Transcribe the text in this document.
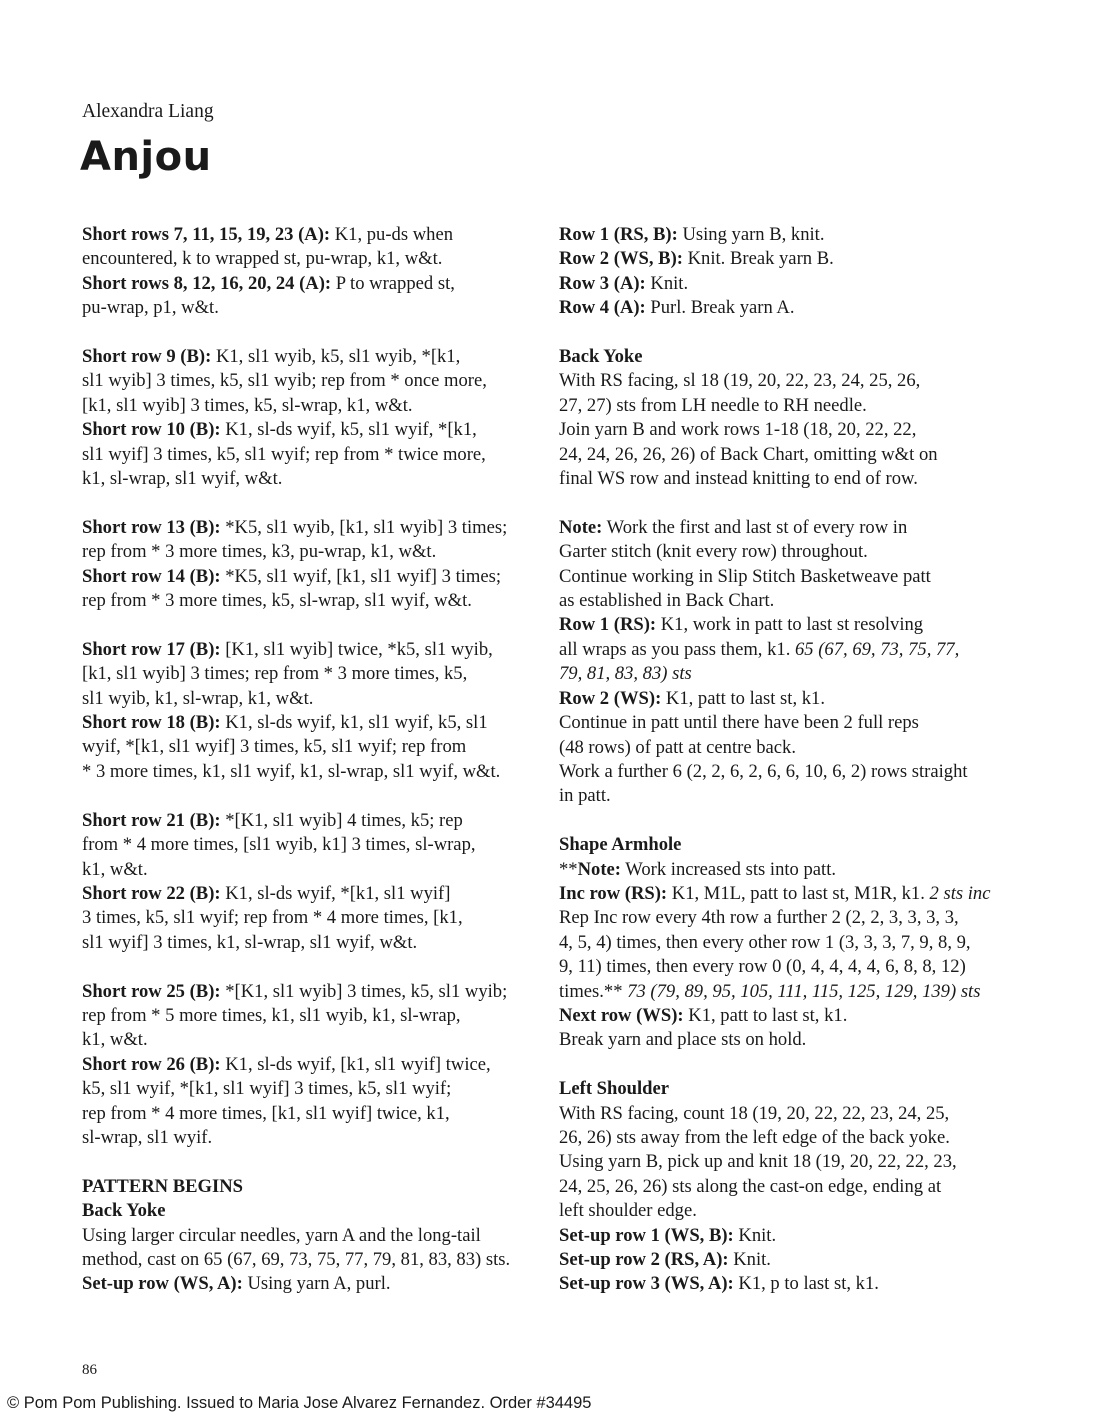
Alexandra Liang
Anjou
Short rows 7, 11, 15, 19, 23 (A): K1, pu-ds when
encountered, k to wrapped st, pu-wrap, k1, w&t.
Short rows 8, 12, 16, 20, 24 (A): P to wrapped st,
pu-wrap, p1, w&t.
Short row 9 (B): K1, sl1 wyib, k5, sl1 wyib, *[k1,
sl1 wyib] 3 times, k5, sl1 wyib; rep from * once more,
[k1, sl1 wyib] 3 times, k5, sl-wrap, k1, w&t.
Short row 10 (B): K1, sl-ds wyif, k5, sl1 wyif, *[k1,
sl1 wyif] 3 times, k5, sl1 wyif; rep from * twice more,
k1, sl-wrap, sl1 wyif, w&t.
Short row 13 (B): *K5, sl1 wyib, [k1, sl1 wyib] 3 times;
rep from * 3 more times, k3, pu-wrap, k1, w&t.
Short row 14 (B): *K5, sl1 wyif, [k1, sl1 wyif] 3 times;
rep from * 3 more times, k5, sl-wrap, sl1 wyif, w&t.
Short row 17 (B): [K1, sl1 wyib] twice, *k5, sl1 wyib,
[k1, sl1 wyib] 3 times; rep from * 3 more times, k5,
sl1 wyib, k1, sl-wrap, k1, w&t.
Short row 18 (B): K1, sl-ds wyif, k1, sl1 wyif, k5, sl1
wyif, *[k1, sl1 wyif] 3 times, k5, sl1 wyif; rep from
* 3 more times, k1, sl1 wyif, k1, sl-wrap, sl1 wyif, w&t.
Short row 21 (B): *[K1, sl1 wyib] 4 times, k5; rep
from * 4 more times, [sl1 wyib, k1] 3 times, sl-wrap,
k1, w&t.
Short row 22 (B): K1, sl-ds wyif, *[k1, sl1 wyif]
3 times, k5, sl1 wyif; rep from * 4 more times, [k1,
sl1 wyif] 3 times, k1, sl-wrap, sl1 wyif, w&t.
Short row 25 (B): *[K1, sl1 wyib] 3 times, k5, sl1 wyib;
rep from * 5 more times, k1, sl1 wyib, k1, sl-wrap,
k1, w&t.
Short row 26 (B): K1, sl-ds wyif, [k1, sl1 wyif] twice,
k5, sl1 wyif, *[k1, sl1 wyif] 3 times, k5, sl1 wyif;
rep from * 4 more times, [k1, sl1 wyif] twice, k1,
sl-wrap, sl1 wyif.
PATTERN BEGINS
Back Yoke
Using larger circular needles, yarn A and the long-tail
method, cast on 65 (67, 69, 73, 75, 77, 79, 81, 83, 83) sts.
Set-up row (WS, A): Using yarn A, purl.
Row 1 (RS, B): Using yarn B, knit.
Row 2 (WS, B): Knit. Break yarn B.
Row 3 (A): Knit.
Row 4 (A): Purl. Break yarn A.
Back Yoke
With RS facing, sl 18 (19, 20, 22, 23, 24, 25, 26,
27, 27) sts from LH needle to RH needle.
Join yarn B and work rows 1-18 (18, 20, 22, 22,
24, 24, 26, 26, 26) of Back Chart, omitting w&t on
final WS row and instead knitting to end of row.
Note: Work the first and last st of every row in
Garter stitch (knit every row) throughout.
Continue working in Slip Stitch Basketweave patt
as established in Back Chart.
Row 1 (RS): K1, work in patt to last st resolving
all wraps as you pass them, k1. 65 (67, 69, 73, 75, 77,
79, 81, 83, 83) sts
Row 2 (WS): K1, patt to last st, k1.
Continue in patt until there have been 2 full reps
(48 rows) of patt at centre back.
Work a further 6 (2, 2, 6, 2, 6, 6, 10, 6, 2) rows straight
in patt.
Shape Armhole
**Note: Work increased sts into patt.
Inc row (RS): K1, M1L, patt to last st, M1R, k1. 2 sts inc
Rep Inc row every 4th row a further 2 (2, 2, 3, 3, 3, 3,
4, 5, 4) times, then every other row 1 (3, 3, 3, 7, 9, 8, 9,
9, 11) times, then every row 0 (0, 4, 4, 4, 4, 6, 8, 8, 12)
times.** 73 (79, 89, 95, 105, 111, 115, 125, 129, 139) sts
Next row (WS): K1, patt to last st, k1.
Break yarn and place sts on hold.
Left Shoulder
With RS facing, count 18 (19, 20, 22, 22, 23, 24, 25,
26, 26) sts away from the left edge of the back yoke.
Using yarn B, pick up and knit 18 (19, 20, 22, 22, 23,
24, 25, 26, 26) sts along the cast-on edge, ending at
left shoulder edge.
Set-up row 1 (WS, B): Knit.
Set-up row 2 (RS, A): Knit.
Set-up row 3 (WS, A): K1, p to last st, k1.
86
© Pom Pom Publishing. Issued to Maria Jose Alvarez Fernandez. Order #34495
